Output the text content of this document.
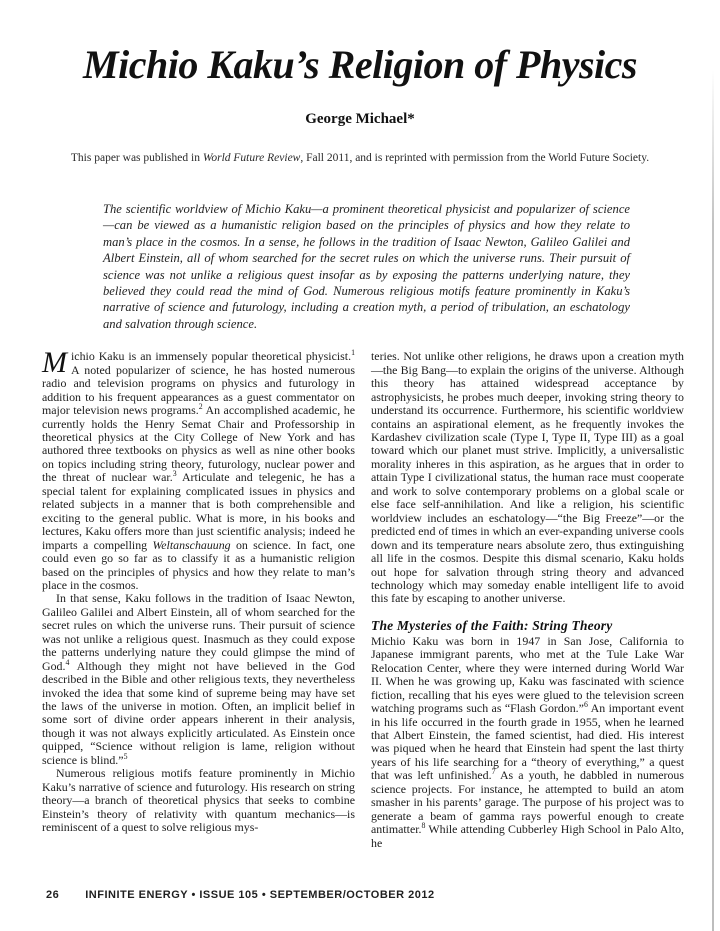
Michio Kaku’s Religion of Physics
George Michael*
This paper was published in World Future Review, Fall 2011, and is reprinted with permission from the World Future Society.

The scientific worldview of Michio Kaku—a prominent theoretical physicist and popularizer of science—can be viewed as a humanistic religion based on the principles of physics and how they relate to man’s place in the cosmos. In a sense, he follows in the tradition of Isaac Newton, Galileo Galilei and Albert Einstein, all of whom searched for the secret rules on which the universe runs. Their pursuit of science was not unlike a religious quest insofar as by exposing the patterns underlying nature, they believed they could read the mind of God. Numerous religious motifs feature prominently in Kaku’s narrative of science and futurology, including a creation myth, a period of tribulation, an eschatology and salvation through science.

Michio Kaku is an immensely popular theoretical physicist.$^1$ A noted popularizer of science, he has hosted numerous radio and television programs on physics and futurology in addition to his frequent appearances as a guest commentator on major television news programs.$^2$ An accomplished academic, he currently holds the Henry Semat Chair and Professorship in theoretical physics at the City College of New York and has authored three textbooks on physics as well as nine other books on topics including string theory, futurology, nuclear power and the threat of nuclear war.$^3$ Articulate and telegenic, he has a special talent for explaining complicated issues in physics and related subjects in a manner that is both comprehensible and exciting to the general public. What is more, in his books and lectures, Kaku offers more than just scientific analysis; indeed he imparts a compelling Weltanschauung on science. In fact, one could even go so far as to classify it as a humanistic religion based on the principles of physics and how they relate to man’s place in the cosmos.

In that sense, Kaku follows in the tradition of Isaac Newton, Galileo Galilei and Albert Einstein, all of whom searched for the secret rules on which the universe runs. Their pursuit of science was not unlike a religious quest. Inasmuch as they could expose the patterns underlying nature they could glimpse the mind of God.$^4$ Although they might not have believed in the God described in the Bible and other religious texts, they nevertheless invoked the idea that some kind of supreme being may have set the laws of the universe in motion. Often, an implicit belief in some sort of divine order appears inherent in their analysis, though it was not always explicitly articulated. As Einstein once quipped, “Science without religion is lame, religion without science is blind.”$^5$

Numerous religious motifs feature prominently in Michio Kaku’s narrative of science and futurology. His research on string theory—a branch of theoretical physics that seeks to combine Einstein’s theory of relativity with quantum mechanics—is reminiscent of a quest to solve religious mys-

teries. Not unlike other religions, he draws upon a creation myth—the Big Bang—to explain the origins of the universe. Although this theory has attained widespread acceptance by astrophysicists, he probes much deeper, invoking string theory to understand its occurrence. Furthermore, his scientific worldview contains an aspirational element, as he frequently invokes the Kardashev civilization scale (Type I, Type II, Type III) as a goal toward which our planet must strive. Implicitly, a universalistic morality inheres in this aspiration, as he argues that in order to attain Type I civilizational status, the human race must cooperate and work to solve contemporary problems on a global scale or else face self-annihilation. And like a religion, his scientific worldview includes an eschatology—“the Big Freeze”—or the predicted end of times in which an ever-expanding universe cools down and its temperature nears absolute zero, thus extinguishing all life in the cosmos. Despite this dismal scenario, Kaku holds out hope for salvation through string theory and advanced technology which may someday enable intelligent life to avoid this fate by escaping to another universe.

The Mysteries of the Faith: String Theory

Michio Kaku was born in 1947 in San Jose, California to Japanese immigrant parents, who met at the Tule Lake War Relocation Center, where they were interned during World War II. When he was growing up, Kaku was fascinated with science fiction, recalling that his eyes were glued to the television screen watching programs such as “Flash Gordon.”$^6$ An important event in his life occurred in the fourth grade in 1955, when he learned that Albert Einstein, the famed scientist, had died. His interest was piqued when he heard that Einstein had spent the last thirty years of his life searching for a “theory of everything,” a quest that was left unfinished.$^7$ As a youth, he dabbled in numerous science projects. For instance, he attempted to build an atom smasher in his parents’ garage. The purpose of his project was to generate a beam of gamma rays powerful enough to create antimatter.$^8$ While attending Cubberley High School in Palo Alto, he

26 INFINITE ENERGY • ISSUE 105 • SEPTEMBER/OCTOBER 2012
